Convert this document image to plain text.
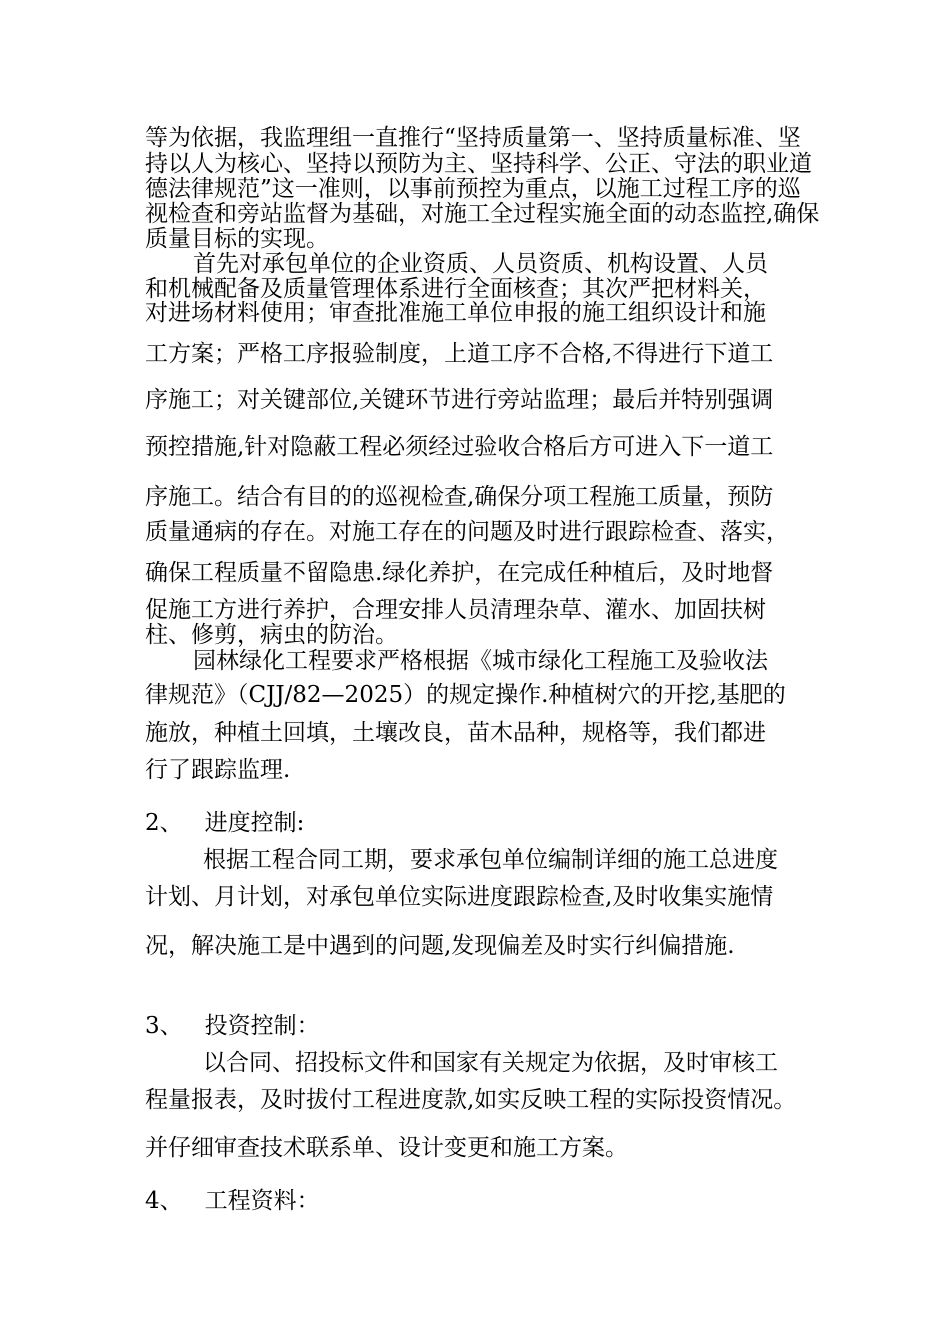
等为依据，我监理组一直推行“坚持质量第一、坚持质量标准、坚
持以人为核心、坚持以预防为主、坚持科学、公正、守法的职业道
德法律规范”这一准则，以事前预控为重点，以施工过程工序的巡
视检查和旁站监督为基础，对施工全过程实施全面的动态监控,确保
质量目标的实现。
首先对承包单位的企业资质、人员资质、机构设置、人员
和机械配备及质量管理体系进行全面核查；其次严把材料关，
对进场材料使用；审查批准施工单位申报的施工组织设计和施
工方案；严格工序报验制度，上道工序不合格,不得进行下道工
序施工；对关键部位,关键环节进行旁站监理；最后并特别强调
预控措施,针对隐蔽工程必须经过验收合格后方可进入下一道工
序施工。结合有目的的巡视检查,确保分项工程施工质量，预防
质量通病的存在。对施工存在的问题及时进行跟踪检查、落实，
确保工程质量不留隐患.绿化养护，在完成任种植后，及时地督
促施工方进行养护，合理安排人员清理杂草、灌水、加固扶树
柱、修剪，病虫的防治。
园林绿化工程要求严格根据《城市绿化工程施工及验收法
律规范》（CJJ/82—2025）的规定操作.种植树穴的开挖,基肥的
施放，种植土回填，土壤改良，苗木品种，规格等，我们都进
行了跟踪监理.
2、   进度控制:
根据工程合同工期，要求承包单位编制详细的施工总进度
计划、月计划，对承包单位实际进度跟踪检查,及时收集实施情
况，解决施工是中遇到的问题,发现偏差及时实行纠偏措施.
3、   投资控制：
以合同、招投标文件和国家有关规定为依据，及时审核工
程量报表，及时拔付工程进度款,如实反映工程的实际投资情况。
并仔细审查技术联系单、设计变更和施工方案。
4、   工程资料：
